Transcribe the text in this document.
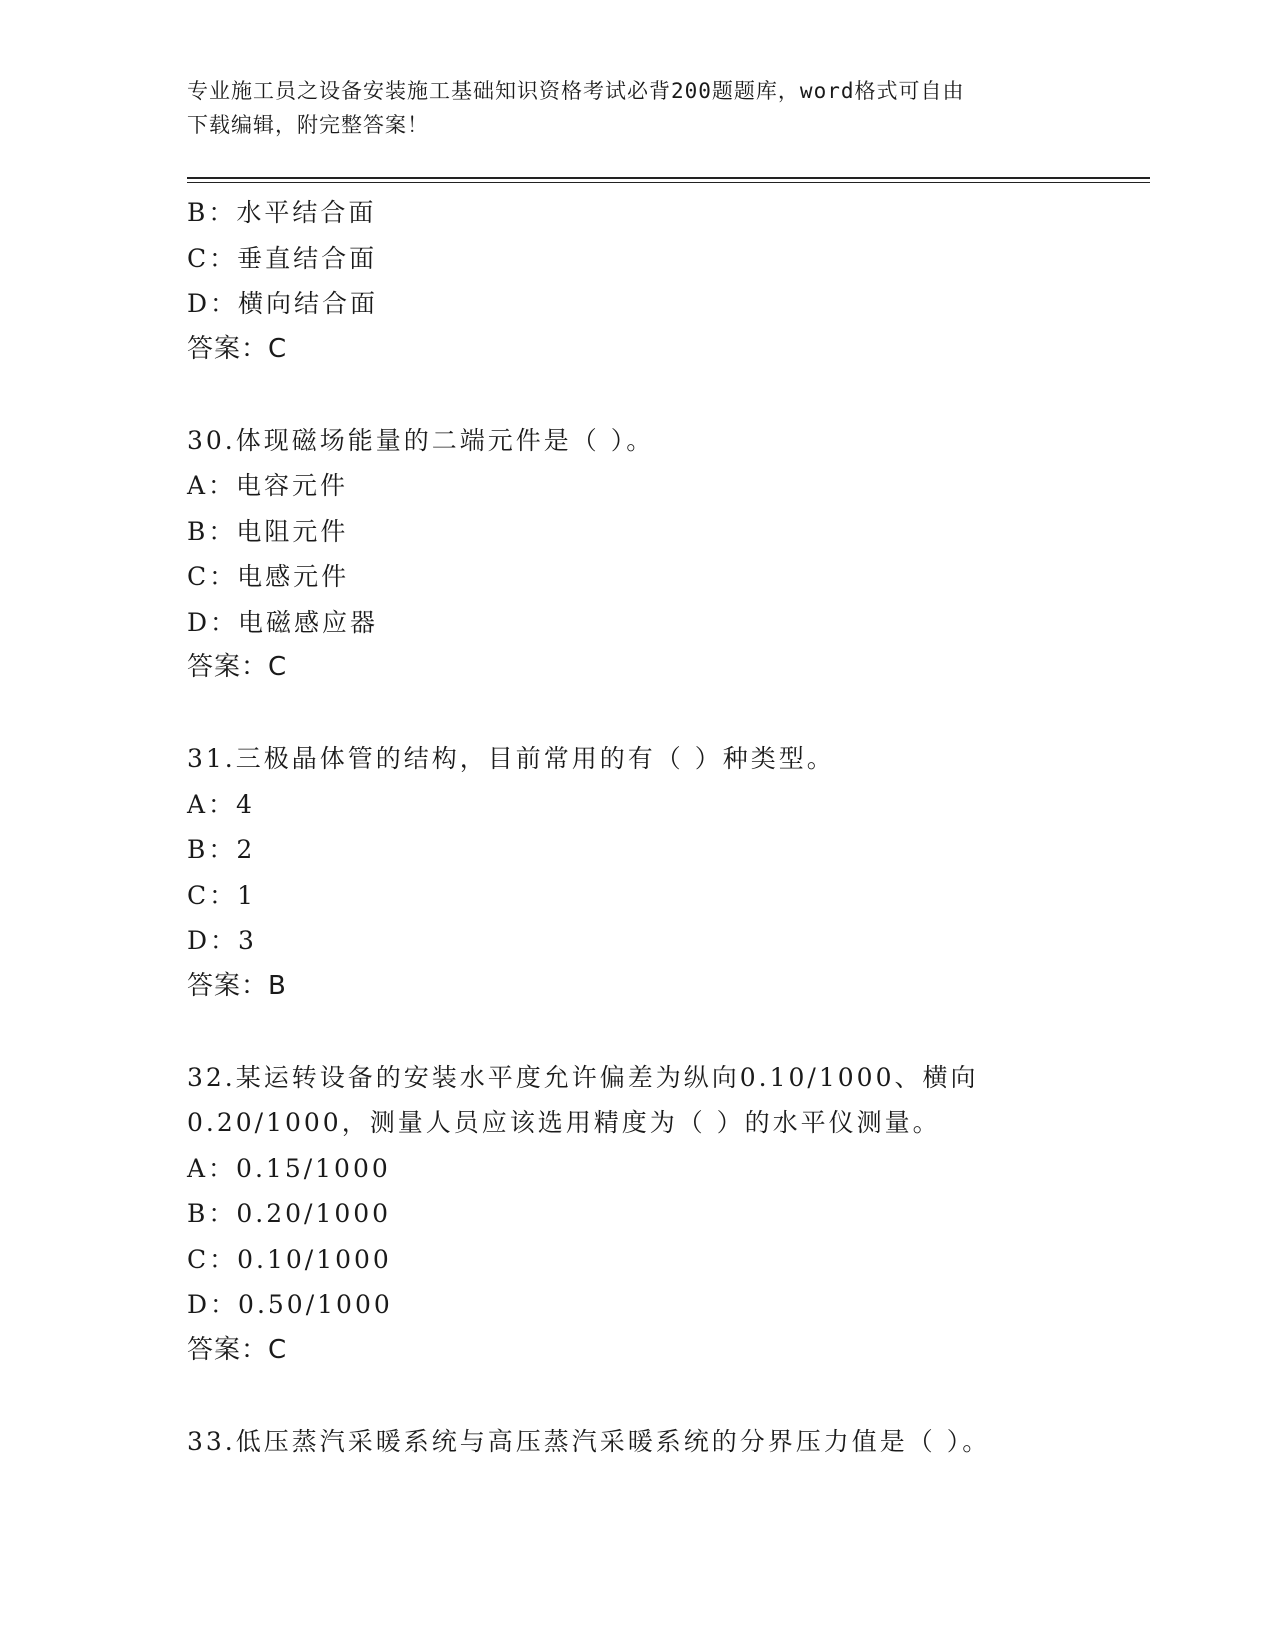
专业施工员之设备安装施工基础知识资格考试必背200题题库，word格式可自由
下载编辑，附完整答案！
B：水平结合面
C：垂直结合面
D：横向结合面
答案：C
30.体现磁场能量的二端元件是（ ）。
A：电容元件
B：电阻元件
C：电感元件
D：电磁感应器
答案：C
31.三极晶体管的结构，目前常用的有（ ）种类型。
A：4
B：2
C：1
D：3
答案：B
32.某运转设备的安装水平度允许偏差为纵向0.10/1000、横向
0.20/1000，测量人员应该选用精度为（ ）的水平仪测量。
A：0.15/1000
B：0.20/1000
C：0.10/1000
D：0.50/1000
答案：C
33.低压蒸汽采暖系统与高压蒸汽采暖系统的分界压力值是（ ）。
